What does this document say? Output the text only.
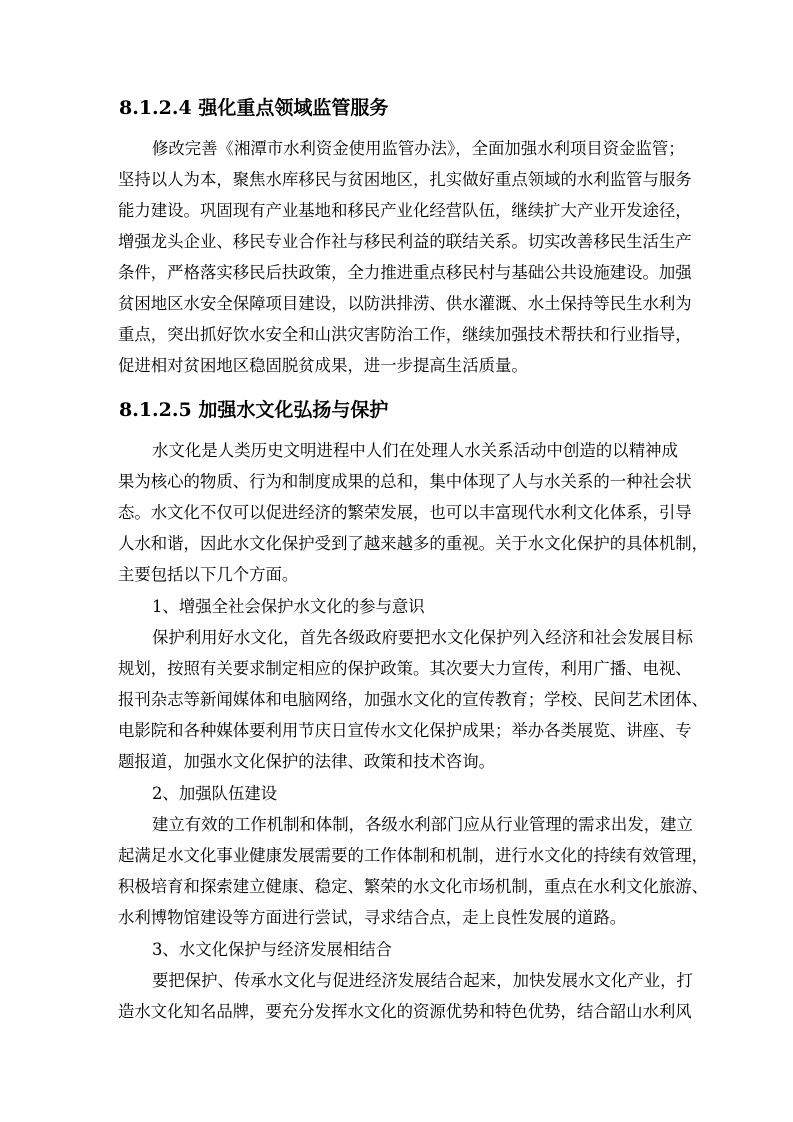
8.1.2.4 强化重点领域监管服务
修改完善《湘潭市水利资金使用监管办法》，全面加强水利项目资金监管；
坚持以人为本，聚焦水库移民与贫困地区，扎实做好重点领域的水利监管与服务
能力建设。巩固现有产业基地和移民产业化经营队伍，继续扩大产业开发途径，
增强龙头企业、移民专业合作社与移民利益的联结关系。切实改善移民生活生产
条件，严格落实移民后扶政策，全力推进重点移民村与基础公共设施建设。加强
贫困地区水安全保障项目建设，以防洪排涝、供水灌溉、水土保持等民生水利为
重点，突出抓好饮水安全和山洪灾害防治工作，继续加强技术帮扶和行业指导，
促进相对贫困地区稳固脱贫成果，进一步提高生活质量。
8.1.2.5 加强水文化弘扬与保护
水文化是人类历史文明进程中人们在处理人水关系活动中创造的以精神成
果为核心的物质、行为和制度成果的总和，集中体现了人与水关系的一种社会状
态。水文化不仅可以促进经济的繁荣发展，也可以丰富现代水利文化体系，引导
人水和谐，因此水文化保护受到了越来越多的重视。关于水文化保护的具体机制，
主要包括以下几个方面。
1、增强全社会保护水文化的参与意识
保护利用好水文化，首先各级政府要把水文化保护列入经济和社会发展目标
规划，按照有关要求制定相应的保护政策。其次要大力宣传，利用广播、电视、
报刊杂志等新闻媒体和电脑网络，加强水文化的宣传教育；学校、民间艺术团体、
电影院和各种媒体要利用节庆日宣传水文化保护成果；举办各类展览、讲座、专
题报道，加强水文化保护的法律、政策和技术咨询。
2、加强队伍建设
建立有效的工作机制和体制，各级水利部门应从行业管理的需求出发，建立
起满足水文化事业健康发展需要的工作体制和机制，进行水文化的持续有效管理，
积极培育和探索建立健康、稳定、繁荣的水文化市场机制，重点在水利文化旅游、
水利博物馆建设等方面进行尝试，寻求结合点，走上良性发展的道路。
3、水文化保护与经济发展相结合
要把保护、传承水文化与促进经济发展结合起来，加快发展水文化产业，打
造水文化知名品牌，要充分发挥水文化的资源优势和特色优势，结合韶山水利风
